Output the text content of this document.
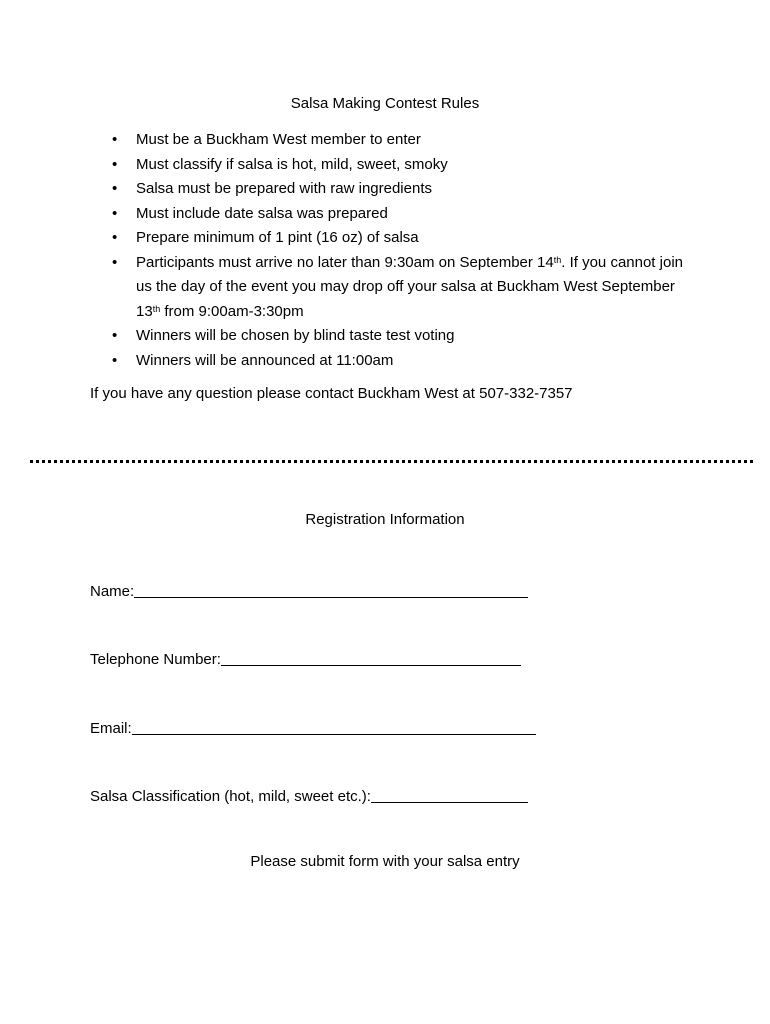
Salsa Making Contest Rules
•	Must be a Buckham West member to enter
•	Must classify if salsa is hot, mild, sweet, smoky
•	Salsa must be prepared with raw ingredients
•	Must include date salsa was prepared
•	Prepare minimum of 1 pint (16 oz) of salsa
•	Participants must arrive no later than 9:30am on September 14th. If you cannot join us the day of the event you may drop off your salsa at Buckham West September 13th from 9:00am-3:30pm
•	Winners will be chosen by blind taste test voting
•	Winners will be announced at 11:00am
If you have any question please contact Buckham West at 507-332-7357
Registration Information
Name:
Telephone Number:
Email:
Salsa Classification (hot, mild, sweet etc.):
Please submit form with your salsa entry
